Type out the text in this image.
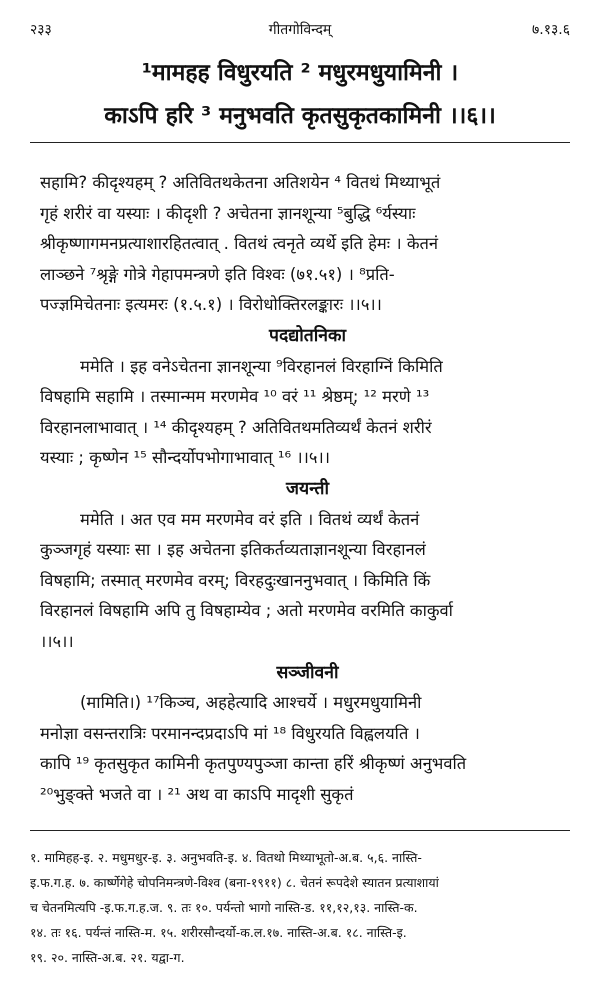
२३३	गीतगोविन्दम्	७.१३.६
¹मामहह विधुरयति ² मधुरमधुयामिनी ।
काऽपि हरि ³ मनुभवति कृतसुकृतकामिनी ।।६।।
सहामि? कीदृश्यहम् ? अतिवितथकेतना अतिशयेन ⁴ वितथं मिथ्याभूतं
गृहं शरीरं वा यस्याः । कीदृशी ? अचेतना ज्ञानशून्या ⁵बुद्धि ⁶र्यस्याः
श्रीकृष्णागमनप्रत्याशारहितत्वात् . वितथं त्वनृते व्यर्थे इति हेमः । केतनं
लाञ्छने ⁷श्रृङ्गे गोत्रे गेहापमन्त्रणे इति विश्वः (७१.५१) । ⁸प्रति-
पज्ज्ञमिचेतनाः इत्यमरः (१.५.१) । विरोधोक्तिरलङ्कारः ।।५।।
पदद्योतनिका
ममेति । इह वनेऽचेतना ज्ञानशून्या ⁹विरहानलं विरहाग्निं किमिति
विषहामि सहामि । तस्मान्मम मरणमेव ¹⁰ वरं ¹¹ श्रेष्ठम्; ¹² मरणे ¹³
विरहानलाभावात् । ¹⁴ कीदृश्यहम् ? अतिवितथमतिव्यर्थं केतनं शरीरं
यस्याः ; कृष्णेन ¹⁵ सौन्दर्योपभोगाभावात् ¹⁶ ।।५।।
जयन्ती
ममेति । अत एव मम मरणमेव वरं इति । वितथं व्यर्थं केतनं
कुञ्जगृहं यस्याः सा । इह अचेतना इतिकर्तव्यताज्ञानशून्या विरहानलं
विषहामि; तस्मात् मरणमेव वरम्; विरहदुःखाननुभवात् । किमिति किं
विरहानलं विषहामि अपि तु विषहाम्येव ; अतो मरणमेव वरमिति काकुर्वा
।।५।।
सञ्जीवनी
(मामिति।) ¹⁷किञ्च, अहहेत्यादि आश्चर्ये । मधुरमधुयामिनी
मनोज्ञा वसन्तरात्रिः परमानन्दप्रदाऽपि मां ¹⁸ विधुरयति विह्वलयति ।
कापि ¹⁹ कृतसुकृत कामिनी कृतपुण्यपुञ्जा कान्ता हरिं श्रीकृष्णं अनुभवति
²⁰भुङ्क्ते भजते वा । ²¹ अथ वा काऽपि मादृशी सुकृतं
१. मामिहह-इ. २. मधुमधुर-इ. ३. अनुभवति-इ. ४. वितथो मिथ्याभूतो-अ.ब. ५,६. नास्ति-
इ.फ.ग.ह. ७. कार्ष्णेगेहे चोपनिमन्त्रणे-विश्व (बना-१९११) ८. चेतनं रूपदेशे स्यातन प्रत्याशायां
च चेतनमित्यपि -इ.फ.ग.ह.ज. ९. तः १०. पर्यन्तो भागो नास्ति-ड. ११,१२,१३. नास्ति-क.
१४. तः १६. पर्यन्तं नास्ति-म. १५. शरीरसौन्दर्यो-क.ल.१७. नास्ति-अ.ब. १८. नास्ति-इ.
१९. २०. नास्ति-अ.ब. २१. यद्वा-ग.
